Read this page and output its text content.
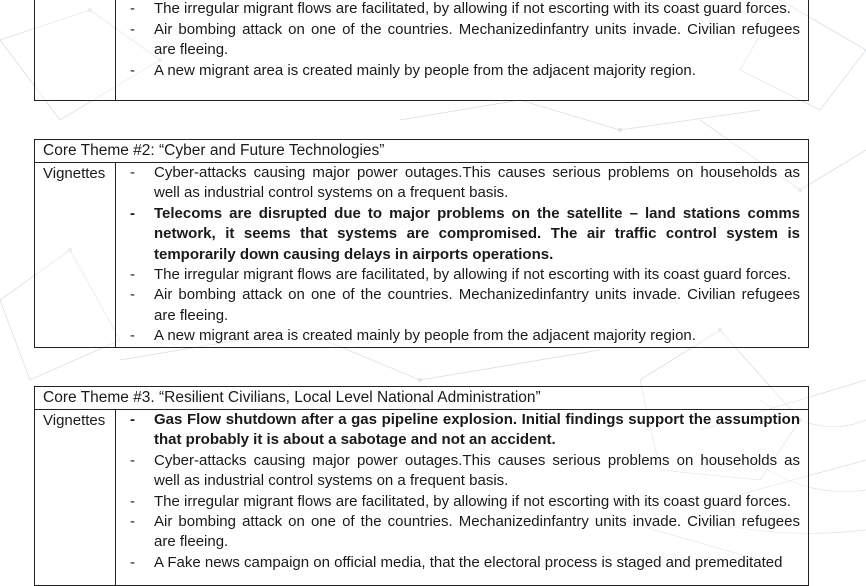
- The irregular migrant flows are facilitated, by allowing if not escorting with its coast guard forces.
- Air bombing attack on one of the countries. Mechanizedinfantry units invade. Civilian refugees are fleeing.
- A new migrant area is created mainly by people from the adjacent majority region.
Core Theme #2: “Cyber and Future Technologies”
Vignettes	- Cyber-attacks causing major power outages.This causes serious problems on households as well as industrial control systems on a frequent basis.
- Telecoms are disrupted due to major problems on the satellite – land stations comms network, it seems that systems are compromised. The air traffic control system is temporarily down causing delays in airports operations.
- The irregular migrant flows are facilitated, by allowing if not escorting with its coast guard forces.
- Air bombing attack on one of the countries. Mechanizedinfantry units invade. Civilian refugees are fleeing.
- A new migrant area is created mainly by people from the adjacent majority region.
Core Theme #3. “Resilient Civilians, Local Level National Administration”
Vignettes	- Gas Flow shutdown after a gas pipeline explosion. Initial findings support the assumption that probably it is about a sabotage and not an accident.
- Cyber-attacks causing major power outages.This causes serious problems on households as well as industrial control systems on a frequent basis.
- The irregular migrant flows are facilitated, by allowing if not escorting with its coast guard forces.
- Air bombing attack on one of the countries. Mechanizedinfantry units invade. Civilian refugees are fleeing.
- A Fake news campaign on official media, that the electoral process is staged and premeditated
